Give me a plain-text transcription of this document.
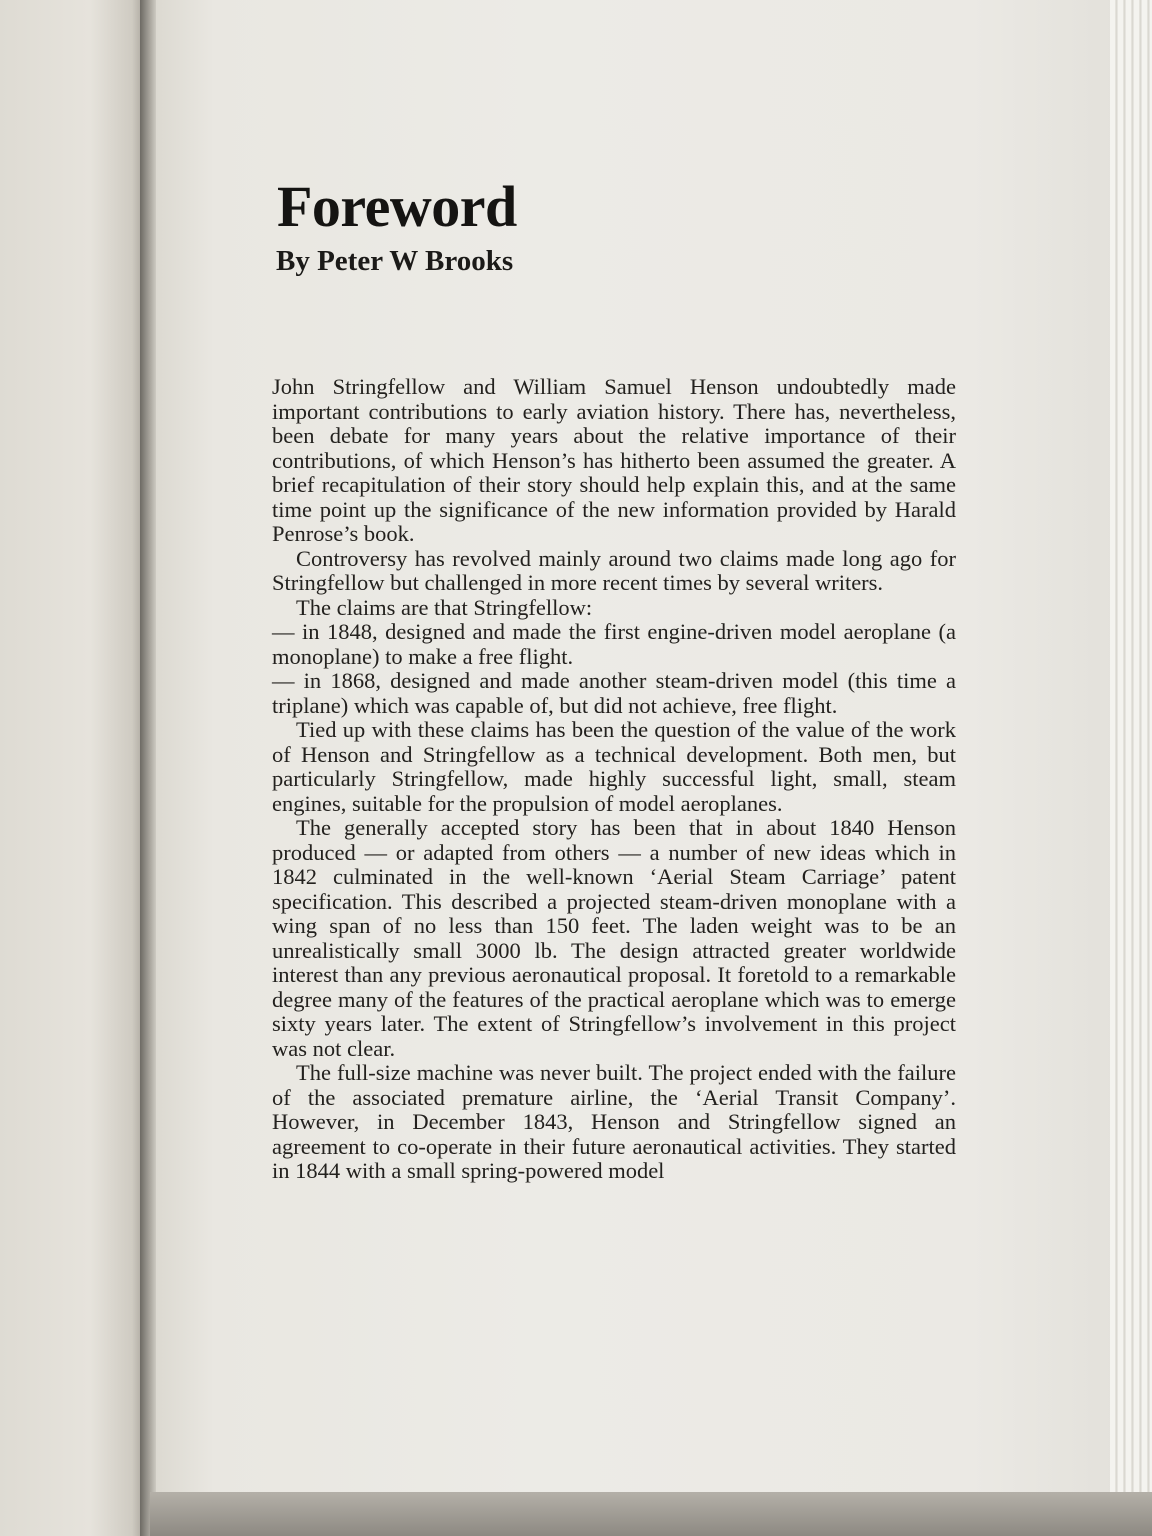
Foreword
By Peter W Brooks

John Stringfellow and William Samuel Henson undoubtedly made important contributions to early aviation history. There has, nevertheless, been debate for many years about the relative importance of their contributions, of which Henson’s has hitherto been assumed the greater. A brief recapitulation of their story should help explain this, and at the same time point up the significance of the new information provided by Harald Penrose’s book.

Controversy has revolved mainly around two claims made long ago for Stringfellow but challenged in more recent times by several writers.

The claims are that Stringfellow:

— in 1848, designed and made the first engine-driven model aeroplane (a monoplane) to make a free flight.

— in 1868, designed and made another steam-driven model (this time a triplane) which was capable of, but did not achieve, free flight.

Tied up with these claims has been the question of the value of the work of Henson and Stringfellow as a technical development. Both men, but particularly Stringfellow, made highly successful light, small, steam engines, suitable for the propulsion of model aeroplanes.

The generally accepted story has been that in about 1840 Henson produced — or adapted from others — a number of new ideas which in 1842 culminated in the well-known ‘Aerial Steam Carriage’ patent specification. This described a projected steam-driven monoplane with a wing span of no less than 150 feet. The laden weight was to be an unrealistically small 3000 lb. The design attracted greater worldwide interest than any previous aeronautical proposal. It foretold to a remarkable degree many of the features of the practical aeroplane which was to emerge sixty years later. The extent of Stringfellow’s involvement in this project was not clear.

The full-size machine was never built. The project ended with the failure of the associated premature airline, the ‘Aerial Transit Company’. However, in December 1843, Henson and Stringfellow signed an agreement to co-operate in their future aeronautical activities. They started in 1844 with a small spring-powered model
